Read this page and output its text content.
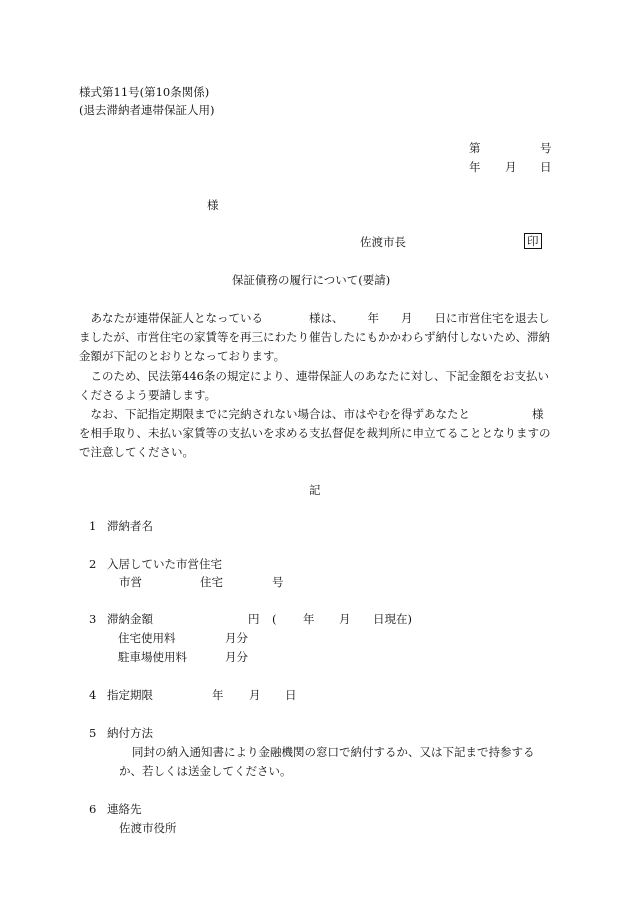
様式第11号(第10条関係)
(退去滞納者連帯保証人用)
第	号
年 月 日
様
佐渡市長	印
保証債務の履行について(要請)

あなたが連帯保証人となっている	様は、 年 月 日に市営住宅を退去しましたが、市営住宅の家賃等を再三にわたり催告したにもかかわらず納付しないため、滞納金額が下記のとおりとなっております。

このため、民法第446条の規定により、連帯保証人のあなたに対し、下記金額をお支払いくださるよう要請します。

なお、下記指定期限までに完納されない場合は、市はやむを得ずあなたと	様を相手取り、未払い家賃等の支払いを求める支払督促を裁判所に申立てることとなりますので注意してください。

記
1 滞納者名
2 入居していた市営住宅
市営	住宅	号
3 滞納金額	円 ( 年 月 日現在)
住宅使用料	月分
駐車場使用料	月分
4 指定期限	年 月 日
5 納付方法
同封の納入通知書により金融機関の窓口で納付するか、又は下記まで持参する
か、若しくは送金してください。
6 連絡先
佐渡市役所
